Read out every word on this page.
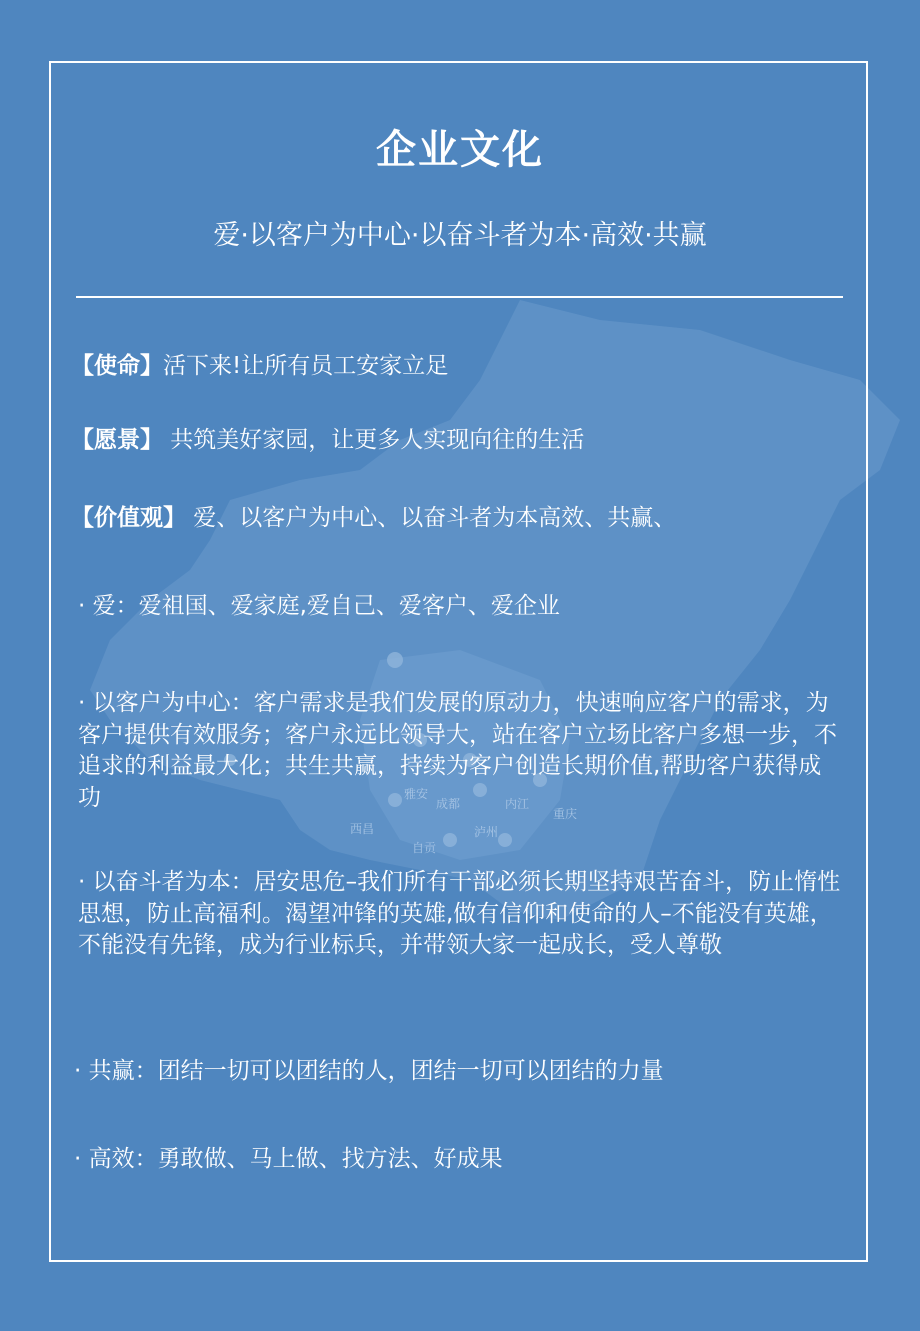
内江
重庆
成都
西昌
自贡
泸州
雅安
企业文化
爱·以客户为中心·以奋斗者为本·高效·共赢
【使命】活下来!让所有员工安家立足
【愿景】 共筑美好家园，让更多人实现向往的生活
【价值观】 爱、以客户为中心、以奋斗者为本高效、共赢、
· 爱：爱祖国、爱家庭,爱自己、爱客户、爱企业
· 以客户为中心：客户需求是我们发展的原动力，快速响应客户的需求，为客户提供有效服务；客户永远比领导大，站在客户立场比客户多想一步，不追求的利益最大化；共生共赢，持续为客户创造长期价值,帮助客户获得成功
· 以奋斗者为本：居安思危–我们所有干部必须长期坚持艰苦奋斗，防止惰性思想，防止高福利。渴望冲锋的英雄,做有信仰和使命的人–不能没有英雄，不能没有先锋，成为行业标兵，并带领大家一起成长，受人尊敬
· 共赢：团结一切可以团结的人，团结一切可以团结的力量
· 高效：勇敢做、马上做、找方法、好成果
